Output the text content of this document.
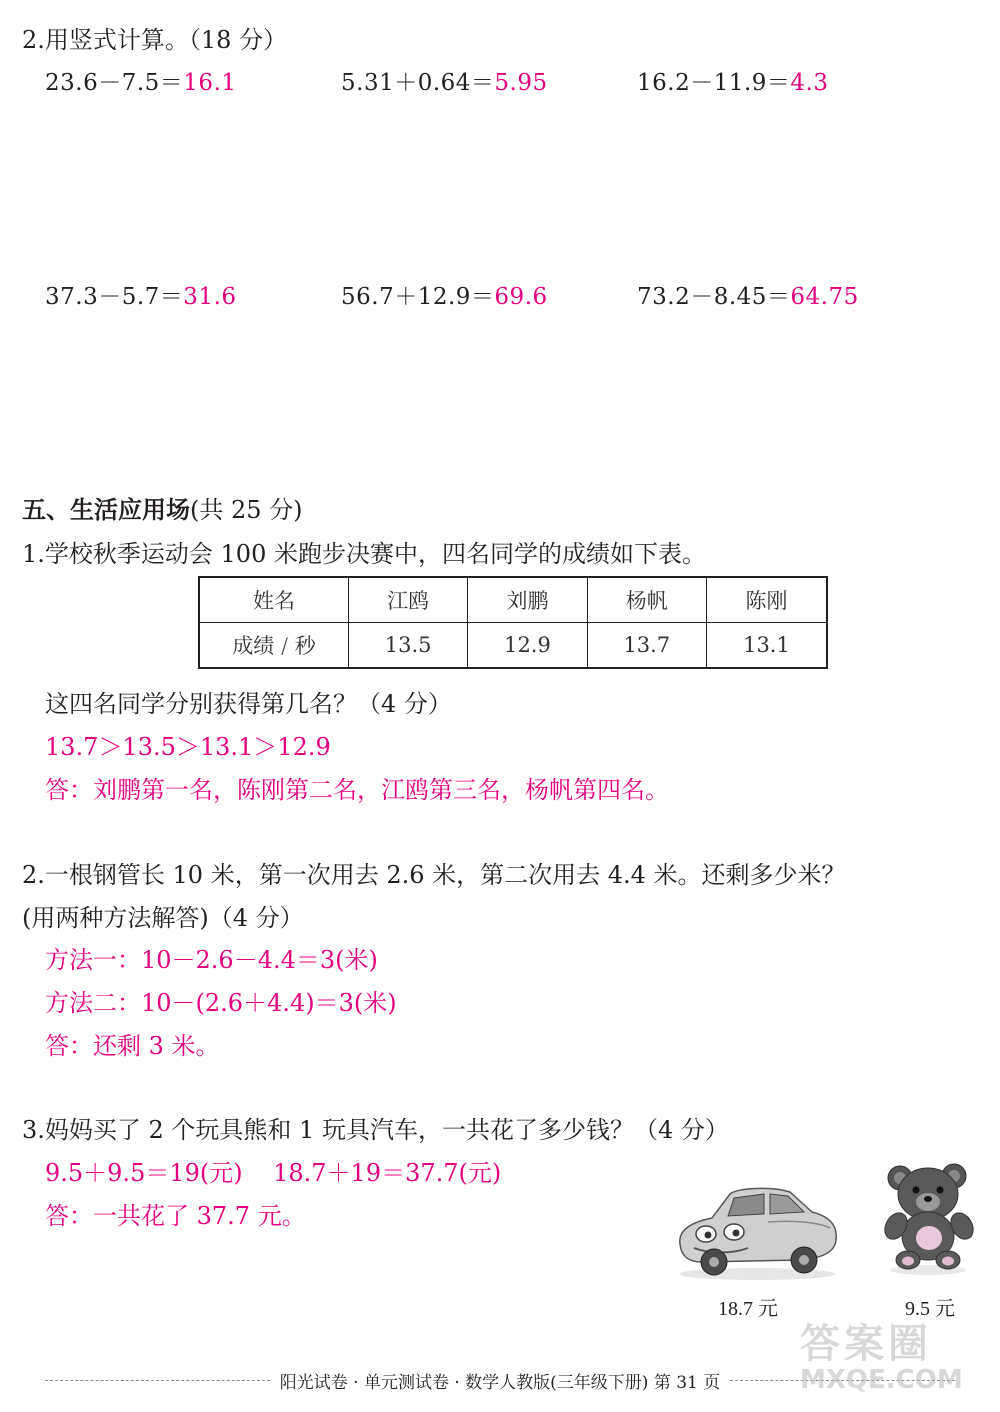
2.用竖式计算。（18 分）
23.6－7.5＝16.1	5.31＋0.64＝5.95	16.2－11.9＝4.3
37.3－5.7＝31.6	56.7＋12.9＝69.6	73.2－8.45＝64.75
五、生活应用场(共 25 分)
1.学校秋季运动会 100 米跑步决赛中，四名同学的成绩如下表。
姓名	江鸥	刘鹏	杨帆	陈刚
成绩 / 秒	13.5	12.9	13.7	13.1
这四名同学分别获得第几名？（4 分）
13.7＞13.5＞13.1＞12.9
答：刘鹏第一名，陈刚第二名，江鸥第三名，杨帆第四名。
2.一根钢管长 10 米，第一次用去 2.6 米，第二次用去 4.4 米。还剩多少米？
(用两种方法解答)（4 分）
方法一：10－2.6－4.4＝3(米)
方法二：10－(2.6＋4.4)＝3(米)
答：还剩 3 米。
3.妈妈买了 2 个玩具熊和 1 玩具汽车，一共花了多少钱？（4 分）
9.5＋9.5＝19(元)    18.7＋19＝37.7(元)
答：一共花了 37.7 元。
18.7 元	9.5 元
阳光试卷 · 单元测试卷 · 数学人教版(三年级下册) 第 31 页
答案圈
MXQE.COM
